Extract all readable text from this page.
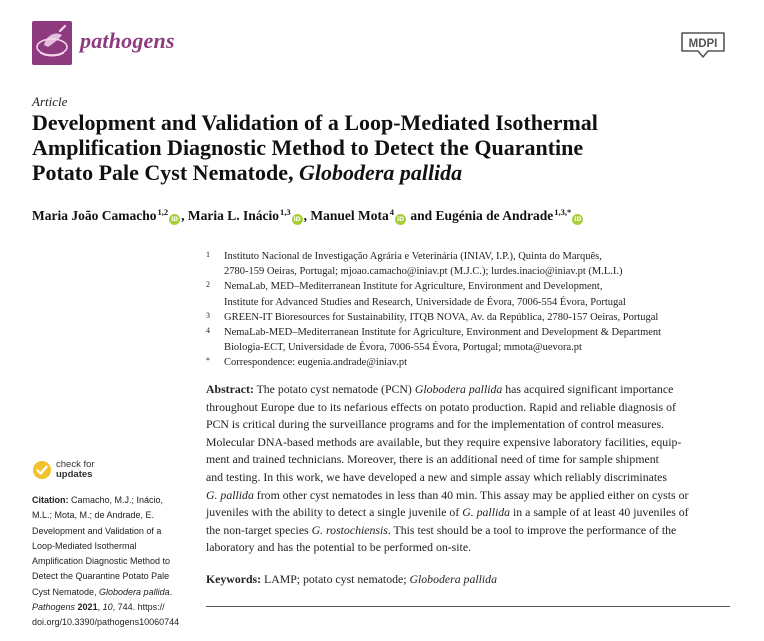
pathogens	MDPI
Article
Development and Validation of a Loop-Mediated Isothermal
Amplification Diagnostic Method to Detect the Quarantine
Potato Pale Cyst Nematode, Globodera pallida
Maria João Camacho$^{1,2}$iD , Maria L. Inácio$^{1,3}$iD , Manuel Mota$^4$iD and Eugénia de Andrade$^{1,3,*}$iD
1	Instituto Nacional de Investigação Agrária e Veterinária (INIAV, I.P.), Quinta do Marquês,
2780-159 Oeiras, Portugal; mjoao.camacho@iniav.pt (M.J.C.); lurdes.inacio@iniav.pt (M.L.I.)
2	NemaLab, MED–Mediterranean Institute for Agriculture, Environment and Development,
Institute for Advanced Studies and Research, Universidade de Évora, 7006-554 Évora, Portugal
3	GREEN-IT Bioresources for Sustainability, ITQB NOVA, Av. da República, 2780-157 Oeiras, Portugal
4	NemaLab-MED–Mediterranean Institute for Agriculture, Environment and Development & Department
Biologia-ECT, Universidade de Évora, 7006-554 Évora, Portugal; mmota@uevora.pt
*	Correspondence: eugenia.andrade@iniav.pt
Abstract: The potato cyst nematode (PCN) Globodera pallida has acquired significant importance
throughout Europe due to its nefarious effects on potato production. Rapid and reliable diagnosis of
PCN is critical during the surveillance programs and for the implementation of control measures.
Molecular DNA-based methods are available, but they require expensive laboratory facilities, equip-
ment and trained technicians. Moreover, there is an additional need of time for sample shipment
and testing. In this work, we have developed a new and simple assay which reliably discriminates
G. pallida from other cyst nematodes in less than 40 min. This assay may be applied either on cysts or
juveniles with the ability to detect a single juvenile of G. pallida in a sample of at least 40 juveniles of
the non-target species G. rostochiensis. This test should be a tool to improve the performance of the
laboratory and has the potential to be performed on-site.
Keywords: LAMP; potato cyst nematode; Globodera pallida
check for
updates
Citation: Camacho, M.J.; Inácio,
M.L.; Mota, M.; de Andrade, E.
Development and Validation of a
Loop-Mediated Isothermal
Amplification Diagnostic Method to
Detect the Quarantine Potato Pale
Cyst Nematode, Globodera pallida.
Pathogens 2021, 10, 744. https://
doi.org/10.3390/pathogens10060744
